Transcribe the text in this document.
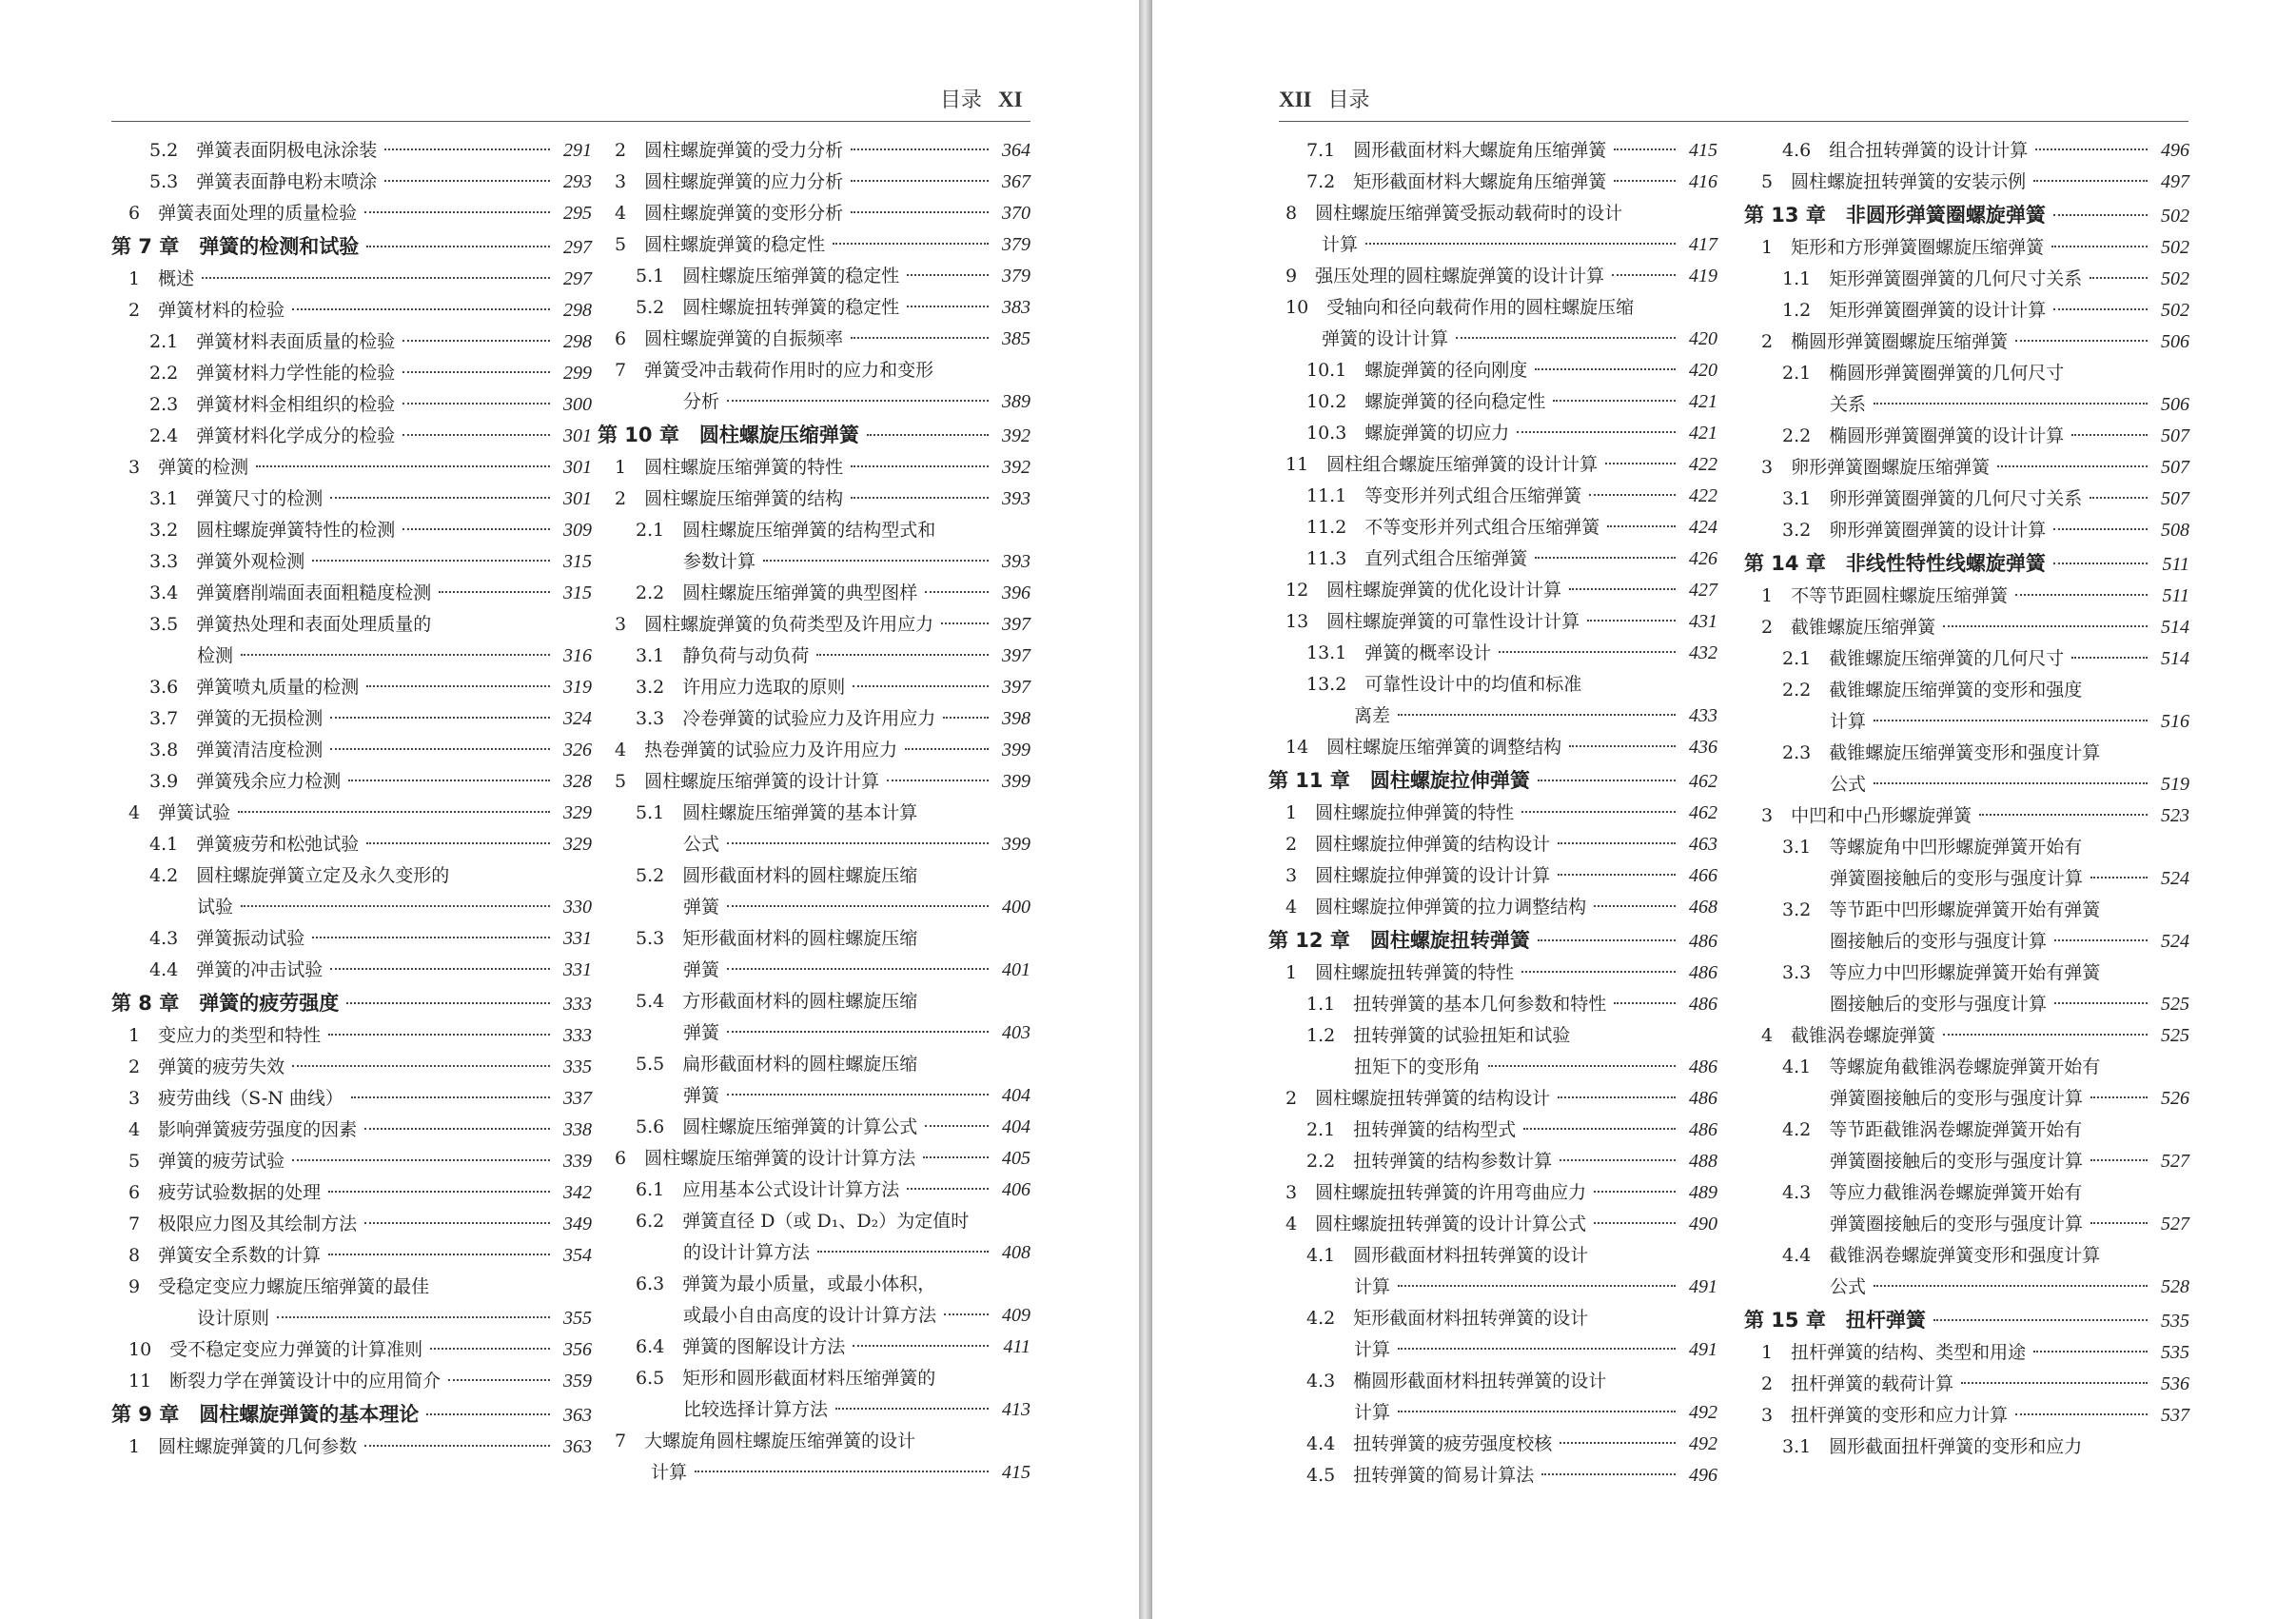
目录 XI
5.2　弹簧表面阴极电泳涂装	291
5.3　弹簧表面静电粉末喷涂	293
6　弹簧表面处理的质量检验	295
第 7 章　弹簧的检测和试验	297
1　概述	297
2　弹簧材料的检验	298
2.1　弹簧材料表面质量的检验	298
2.2　弹簧材料力学性能的检验	299
2.3　弹簧材料金相组织的检验	300
2.4　弹簧材料化学成分的检验	301
3　弹簧的检测	301
3.1　弹簧尺寸的检测	301
3.2　圆柱螺旋弹簧特性的检测	309
3.3　弹簧外观检测	315
3.4　弹簧磨削端面表面粗糙度检测	315
3.5　弹簧热处理和表面处理质量的
检测	316
3.6　弹簧喷丸质量的检测	319
3.7　弹簧的无损检测	324
3.8　弹簧清洁度检测	326
3.9　弹簧残余应力检测	328
4　弹簧试验	329
4.1　弹簧疲劳和松弛试验	329
4.2　圆柱螺旋弹簧立定及永久变形的
试验	330
4.3　弹簧振动试验	331
4.4　弹簧的冲击试验	331
第 8 章　弹簧的疲劳强度	333
1　变应力的类型和特性	333
2　弹簧的疲劳失效	335
3　疲劳曲线（S-N 曲线）	337
4　影响弹簧疲劳强度的因素	338
5　弹簧的疲劳试验	339
6　疲劳试验数据的处理	342
7　极限应力图及其绘制方法	349
8　弹簧安全系数的计算	354
9　受稳定变应力螺旋压缩弹簧的最佳
设计原则	355
10　受不稳定变应力弹簧的计算准则	356
11　断裂力学在弹簧设计中的应用简介	359
第 9 章　圆柱螺旋弹簧的基本理论	363
1　圆柱螺旋弹簧的几何参数	363
2　圆柱螺旋弹簧的受力分析	364
3　圆柱螺旋弹簧的应力分析	367
4　圆柱螺旋弹簧的变形分析	370
5　圆柱螺旋弹簧的稳定性	379
5.1　圆柱螺旋压缩弹簧的稳定性	379
5.2　圆柱螺旋扭转弹簧的稳定性	383
6　圆柱螺旋弹簧的自振频率	385
7　弹簧受冲击载荷作用时的应力和变形
分析	389
第 10 章　圆柱螺旋压缩弹簧	392
1　圆柱螺旋压缩弹簧的特性	392
2　圆柱螺旋压缩弹簧的结构	393
2.1　圆柱螺旋压缩弹簧的结构型式和
参数计算	393
2.2　圆柱螺旋压缩弹簧的典型图样	396
3　圆柱螺旋弹簧的负荷类型及许用应力	397
3.1　静负荷与动负荷	397
3.2　许用应力选取的原则	397
3.3　冷卷弹簧的试验应力及许用应力	398
4　热卷弹簧的试验应力及许用应力	399
5　圆柱螺旋压缩弹簧的设计计算	399
5.1　圆柱螺旋压缩弹簧的基本计算
公式	399
5.2　圆形截面材料的圆柱螺旋压缩
弹簧	400
5.3　矩形截面材料的圆柱螺旋压缩
弹簧	401
5.4　方形截面材料的圆柱螺旋压缩
弹簧	403
5.5　扁形截面材料的圆柱螺旋压缩
弹簧	404
5.6　圆柱螺旋压缩弹簧的计算公式	404
6　圆柱螺旋压缩弹簧的设计计算方法	405
6.1　应用基本公式设计计算方法	406
6.2　弹簧直径 D（或 D₁、D₂）为定值时
的设计计算方法	408
6.3　弹簧为最小质量，或最小体积，
或最小自由高度的设计计算方法	409
6.4　弹簧的图解设计方法	411
6.5　矩形和圆形截面材料压缩弹簧的
比较选择计算方法	413
7　大螺旋角圆柱螺旋压缩弹簧的设计
计算	415
XII 目录
7.1　圆形截面材料大螺旋角压缩弹簧	415
7.2　矩形截面材料大螺旋角压缩弹簧	416
8　圆柱螺旋压缩弹簧受振动载荷时的设计
计算	417
9　强压处理的圆柱螺旋弹簧的设计计算	419
10　受轴向和径向载荷作用的圆柱螺旋压缩
弹簧的设计计算	420
10.1　螺旋弹簧的径向刚度	420
10.2　螺旋弹簧的径向稳定性	421
10.3　螺旋弹簧的切应力	421
11　圆柱组合螺旋压缩弹簧的设计计算	422
11.1　等变形并列式组合压缩弹簧	422
11.2　不等变形并列式组合压缩弹簧	424
11.3　直列式组合压缩弹簧	426
12　圆柱螺旋弹簧的优化设计计算	427
13　圆柱螺旋弹簧的可靠性设计计算	431
13.1　弹簧的概率设计	432
13.2　可靠性设计中的均值和标准
离差	433
14　圆柱螺旋压缩弹簧的调整结构	436
第 11 章　圆柱螺旋拉伸弹簧	462
1　圆柱螺旋拉伸弹簧的特性	462
2　圆柱螺旋拉伸弹簧的结构设计	463
3　圆柱螺旋拉伸弹簧的设计计算	466
4　圆柱螺旋拉伸弹簧的拉力调整结构	468
第 12 章　圆柱螺旋扭转弹簧	486
1　圆柱螺旋扭转弹簧的特性	486
1.1　扭转弹簧的基本几何参数和特性	486
1.2　扭转弹簧的试验扭矩和试验
扭矩下的变形角	486
2　圆柱螺旋扭转弹簧的结构设计	486
2.1　扭转弹簧的结构型式	486
2.2　扭转弹簧的结构参数计算	488
3　圆柱螺旋扭转弹簧的许用弯曲应力	489
4　圆柱螺旋扭转弹簧的设计计算公式	490
4.1　圆形截面材料扭转弹簧的设计
计算	491
4.2　矩形截面材料扭转弹簧的设计
计算	491
4.3　椭圆形截面材料扭转弹簧的设计
计算	492
4.4　扭转弹簧的疲劳强度校核	492
4.5　扭转弹簧的简易计算法	496
4.6　组合扭转弹簧的设计计算	496
5　圆柱螺旋扭转弹簧的安装示例	497
第 13 章　非圆形弹簧圈螺旋弹簧	502
1　矩形和方形弹簧圈螺旋压缩弹簧	502
1.1　矩形弹簧圈弹簧的几何尺寸关系	502
1.2　矩形弹簧圈弹簧的设计计算	502
2　椭圆形弹簧圈螺旋压缩弹簧	506
2.1　椭圆形弹簧圈弹簧的几何尺寸
关系	506
2.2　椭圆形弹簧圈弹簧的设计计算	507
3　卵形弹簧圈螺旋压缩弹簧	507
3.1　卵形弹簧圈弹簧的几何尺寸关系	507
3.2　卵形弹簧圈弹簧的设计计算	508
第 14 章　非线性特性线螺旋弹簧	511
1　不等节距圆柱螺旋压缩弹簧	511
2　截锥螺旋压缩弹簧	514
2.1　截锥螺旋压缩弹簧的几何尺寸	514
2.2　截锥螺旋压缩弹簧的变形和强度
计算	516
2.3　截锥螺旋压缩弹簧变形和强度计算
公式	519
3　中凹和中凸形螺旋弹簧	523
3.1　等螺旋角中凹形螺旋弹簧开始有
弹簧圈接触后的变形与强度计算	524
3.2　等节距中凹形螺旋弹簧开始有弹簧
圈接触后的变形与强度计算	524
3.3　等应力中凹形螺旋弹簧开始有弹簧
圈接触后的变形与强度计算	525
4　截锥涡卷螺旋弹簧	525
4.1　等螺旋角截锥涡卷螺旋弹簧开始有
弹簧圈接触后的变形与强度计算	526
4.2　等节距截锥涡卷螺旋弹簧开始有
弹簧圈接触后的变形与强度计算	527
4.3　等应力截锥涡卷螺旋弹簧开始有
弹簧圈接触后的变形与强度计算	527
4.4　截锥涡卷螺旋弹簧变形和强度计算
公式	528
第 15 章　扭杆弹簧	535
1　扭杆弹簧的结构、类型和用途	535
2　扭杆弹簧的载荷计算	536
3　扭杆弹簧的变形和应力计算	537
3.1　圆形截面扭杆弹簧的变形和应力
